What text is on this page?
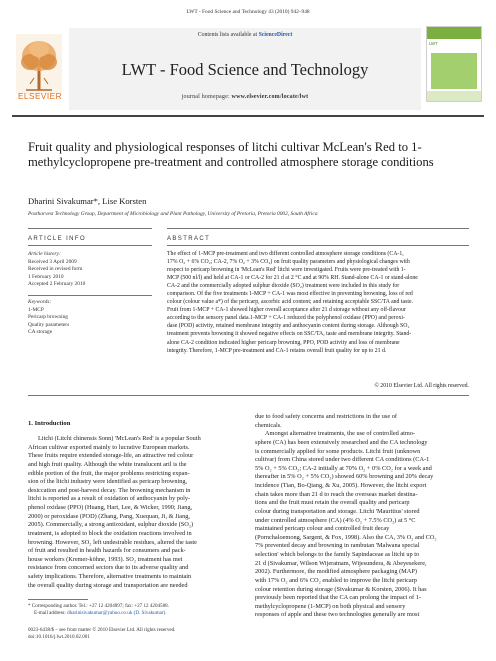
LWT - Food Science and Technology 43 (2010) 942–948
ELSEVIER
Contents lists available at ScienceDirect
LWT - Food Science and Technology
journal homepage: www.elsevier.com/locate/lwt
LWT
Fruit quality and physiological responses of litchi cultivar McLean's Red to 1-methylcyclopropene pre-treatment and controlled atmosphere storage conditions
Dharini Sivakumar*, Lise Korsten
Postharvest Technology Group, Department of Microbiology and Plant Pathology, University of Pretoria, Pretoria 0002, South Africa
ARTICLE INFO	ABSTRACT
Article history:
Received 3 April 2009
Received in revised form
1 February 2010
Accepted 2 February 2010
Keywords:
1-MCP
Pericarp browning
Quality parameters
CA storage
The effect of 1-MCP pre-treatment and two different controlled atmosphere storage conditions (CA-1,
17% O₂ + 6% CO₂; CA-2, 7% O₂ + 3% CO₂) on fruit quality parameters and physiological changes with
respect to pericarp browning in 'McLean's Red' litchi were investigated. Fruits were pre-treated with 1-
MCP (500 nl/l) and held at CA-1 or CA-2 for 21 d at 2 °C and at 90% RH. Stand-alone CA-1 or stand-alone
CA-2 and the commercially adopted sulphur dioxide (SO₂) treatment were included in this study for
comparison. Of the five treatments 1-MCP + CA-1 was most effective in preventing browning, loss of red
colour (colour value a*) of the pericarp, ascorbic acid content; and retaining acceptable SSC/TA and taste.
Fruit from 1-MCP + CA-1 showed higher overall acceptance after 21 d storage without any off-flavour
according to the sensory panel data.1-MCP + CA-1 reduced the polyphenol oxidase (PPO) and peroxi-
dase (POD) activity, retained membrane integrity and anthocyanin content during storage. Although SO₂
treatment prevents browning it showed negative effects on SSC/TA, taste and membrane integrity. Stand-
alone CA-2 condition indicated higher pericarp browning, PPO, POD activity and loss of membrane
integrity. Therefore, 1-MCP pre-treatment and CA-1 retains overall fruit quality for up to 21 d.
© 2010 Elsevier Ltd. All rights reserved.
1. Introduction
Litchi (Litchi chinensis Sonn) 'McLean's Red' is a popular South
African cultivar exported mainly to lucrative European markets.
These fruits require extended storage-life, an attractive red colour
and high fruit quality. Although the white translucent aril is the
edible portion of the fruit, the major problems restricting expan-
sion of the litchi industry were identified as pericarp browning,
desiccation and post-harvest decay. The browning mechanism in
litchi is reported as a result of oxidation of anthocyanin by poly-
phenol oxidase (PPO) (Huang, Hart, Lee, & Wicker, 1990; Jiang,
2000) or peroxidase (POD) (Zhang, Pang, Xuequan, Ji, & Jiang,
2005). Commercially, a strong antioxidant, sulphur dioxide (SO₂)
treatment, is adopted to block the oxidation reactions involved in
browning. However, SO₂ left undesirable residues, altered the taste
of fruit and resulted in health hazards for consumers and pack-
house workers (Kremer-köhne, 1993). SO₂ treatment has met
resistance from concerned sectors due to its adverse quality and
safety implications. Therefore, alternative treatments to maintain
the overall quality during storage and transportation are needed
due to food safety concerns and restrictions in the use of
chemicals.
Amongst alternative treatments, the use of controlled atmo-
sphere (CA) has been extensively researched and the CA technology
is commercially applied for some products. Litchi fruit (unknown
cultivar) from China stored under two different CA conditions (CA-1
5% O₂ + 5% CO₂; CA-2 initially at 70% O₂ + 0% CO₂ for a week and
thereafter in 5% O₂ + 5% CO₂) showed 60% browning and 20% decay
incidence (Tian, Bo-Qiang, & Xu, 2005). However, the litchi export
chain takes more than 21 d to reach the overseas market destina-
tions and the fruit must retain the overall quality and pericarp
colour during transportation and storage. Litchi 'Mauritius' stored
under controlled atmosphere (CA) (4% O₂ + 7.5% CO₂) at 5 °C
maintained pericarp colour and controlled fruit decay
(Pornchaloemong, Sargent, & Fox, 1998). Also the CA, 3% O₂ and CO₂
7% prevented decay and browning in rambutan 'Malwana special
selection' which belongs to the family Sapindaceae as litchi up to
21 d (Sivakumar, Wilson Wijeratnam, Wijesundera, & Abeyesekere,
2002). Furthermore, the modified atmosphere packaging (MAP)
with 17% O₂ and 6% CO₂ enabled to improve the litchi pericarp
colour retention during storage (Sivakumar & Korsten, 2006). It has
previously been reported that the CA can prolong the impact of 1-
methylcyclopropene (1-MCP) on both physical and sensory
responses of apple and these two technologies generally are most
* Corresponding author. Tel.: +27 12 4204897; fax: +27 12 4204588.
E-mail address: dharinisivakumar@yahoo.co.uk (D. Sivakumar).
0023-6438/$ – see front matter © 2010 Elsevier Ltd. All rights reserved.
doi:10.1016/j.lwt.2010.02.001
